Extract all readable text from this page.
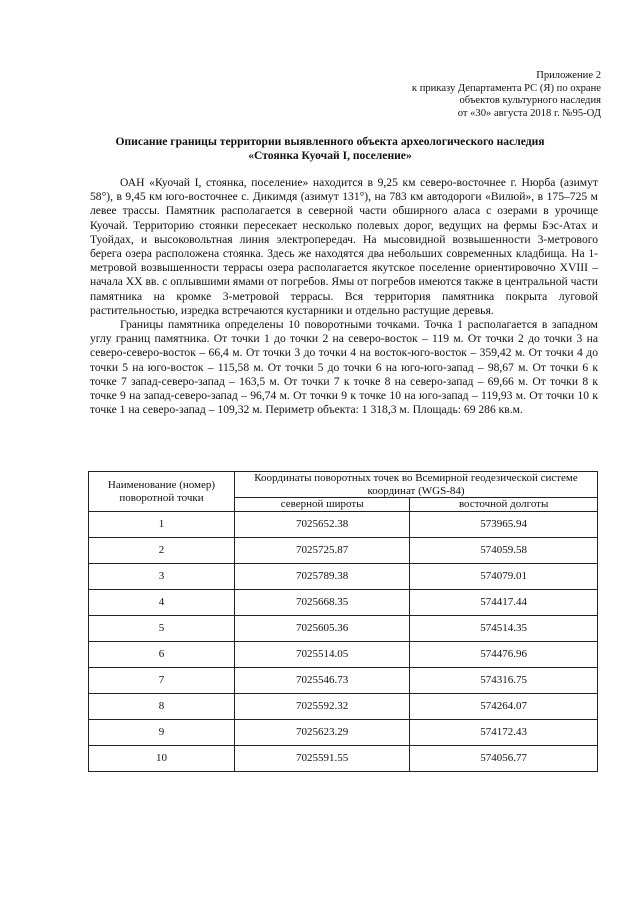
Приложение 2
к приказу Департамента РС (Я) по охране
объектов культурного наследия
от «30» августа 2018 г. №95-ОД
Описание границы территории выявленного объекта археологического наследия
«Стоянка Куочай I, поселение»

ОАН «Куочай I, стоянка, поселение» находится в 9,25 км северо-восточнее г. Нюрба (азимут 58°), в 9,45 км юго-восточнее с. Дикимдя (азимут 131°), на 783 км автодороги «Вилюй», в 175–725 м левее трассы. Памятник располагается в северной части обширного аласа с озерами в урочище Куочай. Территорию стоянки пересекает несколько полевых дорог, ведущих на фермы Бэс-Атах и Туойдах, и высоковольтная линия электропередач. На мысовидной возвышенности 3-метрового берега озера расположена стоянка. Здесь же находятся два небольших современных кладбища. На 1-метровой возвышенности террасы озера располагается якутское поселение ориентировочно XVIII – начала XX вв. с оплывшими ямами от погребов. Ямы от погребов имеются также в центральной части памятника на кромке 3-метровой террасы. Вся территория памятника покрыта луговой растительностью, изредка встречаются кустарники и отдельно растущие деревья.

Границы памятника определены 10 поворотными точками. Точка 1 располагается в западном углу границ памятника. От точки 1 до точки 2 на северо-восток – 119 м. От точки 2 до точки 3 на северо-северо-восток – 66,4 м. От точки 3 до точки 4 на восток-юго-восток – 359,42 м. От точки 4 до точки 5 на юго-восток – 115,58 м. От точки 5 до точки 6 на юго-юго-запад – 98,67 м. От точки 6 к точке 7 запад-северо-запад – 163,5 м. От точки 7 к точке 8 на северо-запад – 69,66 м. От точки 8 к точке 9 на запад-северо-запад – 96,74 м. От точки 9 к точке 10 на юго-запад – 119,93 м. От точки 10 к точке 1 на северо-запад – 109,32 м. Периметр объекта: 1 318,3 м. Площадь: 69 286 кв.м.

Наименование (номер) поворотной точки	Координаты поворотных точек во Всемирной геодезической системе координат (WGS-84)	
	северной широты	восточной долготы
1	7025652.38	573965.94
2	7025725.87	574059.58
3	7025789.38	574079.01
4	7025668.35	574417.44
5	7025605.36	574514.35
6	7025514.05	574476.96
7	7025546.73	574316.75
8	7025592.32	574264.07
9	7025623.29	574172.43
10	7025591.55	574056.77
